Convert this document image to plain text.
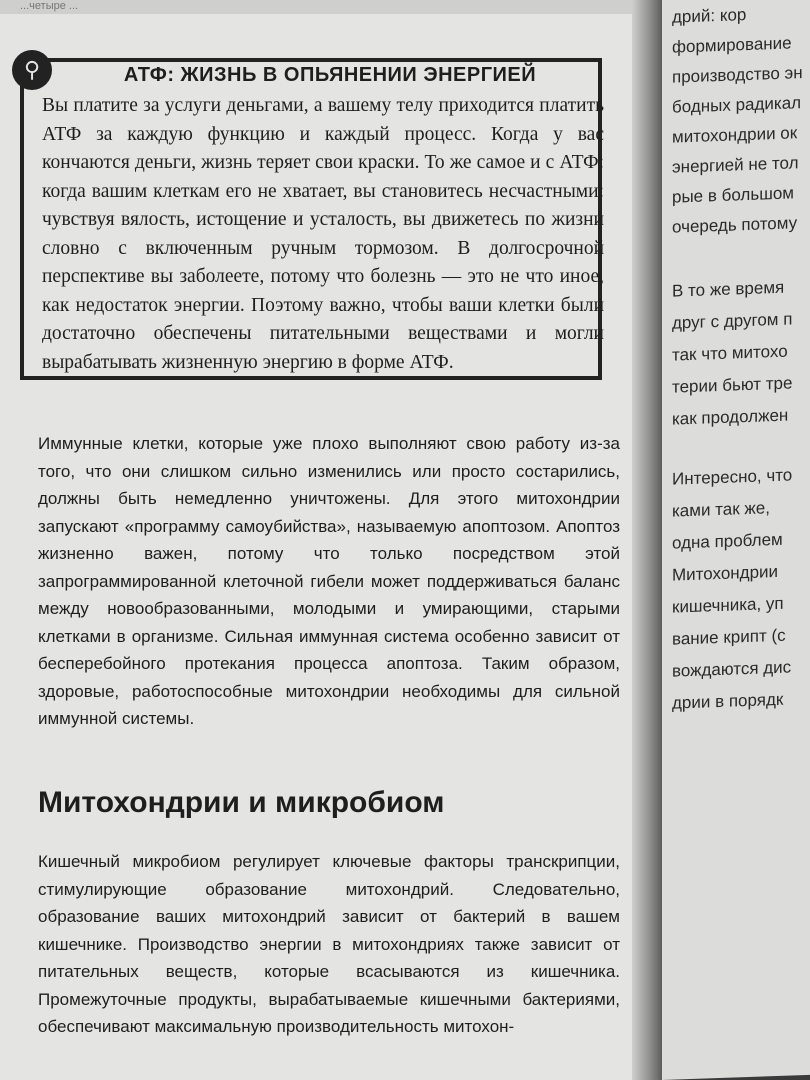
...четыре ...
⚲	АТФ: ЖИЗНЬ В ОПЬЯНЕНИИ ЭНЕРГИЕЙ
Вы платите за услуги деньгами, а вашему телу приходится платить АТФ за каждую функцию и каждый процесс. Когда у вас кончаются деньги, жизнь теряет свои краски. То же самое и с АТФ: когда вашим клеткам его не хватает, вы становитесь несчастными: чувствуя вялость, истощение и усталость, вы движетесь по жизни словно с включенным ручным тормозом. В долгосрочной перспективе вы заболеете, потому что болезнь — это не что иное, как недостаток энергии. Поэтому важно, чтобы ваши клетки были достаточно обеспечены питательными веществами и могли вырабатывать жизненную энергию в форме АТФ.
Иммунные клетки, которые уже плохо выполняют свою работу из-за того, что они слишком сильно изменились или просто состарились, должны быть немедленно уничтожены. Для этого митохондрии запускают «программу самоубийства», называемую апоптозом. Апоптоз жизненно важен, потому что только посредством этой запрограммированной клеточной гибели может поддерживаться баланс между новообразованными, молодыми и умирающими, старыми клетками в организме. Сильная иммунная система особенно зависит от бесперебойного протекания процесса апоптоза. Таким образом, здоровые, работоспособные митохондрии необходимы для сильной иммунной системы.
Митохондрии и микробиом
Кишечный микробиом регулирует ключевые факторы транскрипции, стимулирующие образование митохондрий. Следовательно, образование ваших митохондрий зависит от бактерий в вашем кишечнике. Производство энергии в митохондриях также зависит от питательных веществ, которые всасываются из кишечника. Промежуточные продукты, вырабатываемые кишечными бактериями, обеспечивают максимальную производительность митохон-
дрий: кор
формирование
производство эн
бодных радикал
митохондрии ок
энергией не тол
рые в большом
очередь потому
В то же время
друг с другом п
так что митохо
терии бьют тре
как продолжен
Интересно, что
ками так же,
одна проблем
Митохондрии
кишечника, уп
вание крипт (с
вождаются дис
дрии в порядк
